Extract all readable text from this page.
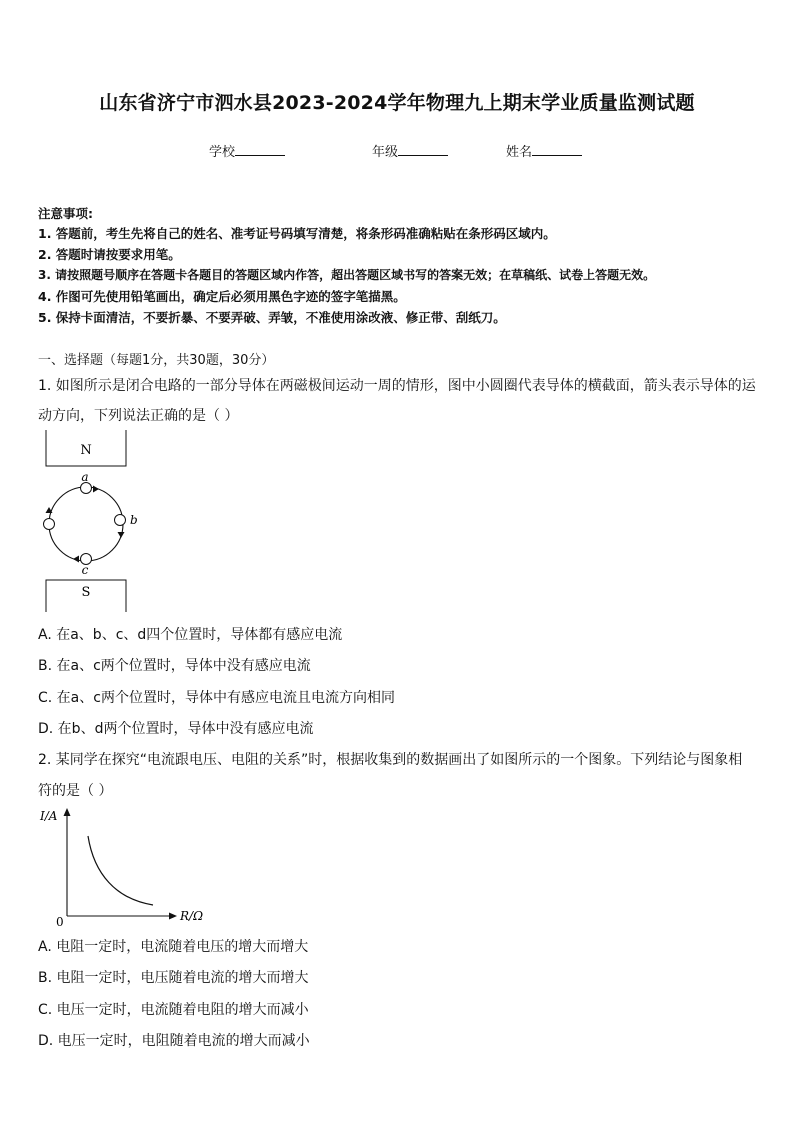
山东省济宁市泗水县2023-2024学年物理九上期末学业质量监测试题
学校	年级	姓名
注意事项:
1. 答题前，考生先将自己的姓名、准考证号码填写清楚，将条形码准确粘贴在条形码区域内。
2. 答题时请按要求用笔。
3. 请按照题号顺序在答题卡各题目的答题区域内作答，超出答题区域书写的答案无效；在草稿纸、试卷上答题无效。
4. 作图可先使用铅笔画出，确定后必须用黑色字迹的签字笔描黑。
5. 保持卡面清洁，不要折暴、不要弄破、弄皱，不准使用涂改液、修正带、刮纸刀。
一、选择题（每题1分，共30题，30分）
1. 如图所示是闭合电路的一部分导体在两磁极间运动一周的情形，图中小圆圈代表导体的横截面，箭头表示导体的运
动方向，下列说法正确的是（ ）
N
a
b
c
S
A. 在a、b、c、d四个位置时，导体都有感应电流
B. 在a、c两个位置时，导体中没有感应电流
C. 在a、c两个位置时，导体中有感应电流且电流方向相同
D. 在b、d两个位置时，导体中没有感应电流
2. 某同学在探究“电流跟电压、电阻的关系”时，根据收集到的数据画出了如图所示的一个图象。下列结论与图象相
符的是（ ）
I/A
0	R/Ω
A. 电阻一定时，电流随着电压的增大而增大
B. 电阻一定时，电压随着电流的增大而增大
C. 电压一定时，电流随着电阻的增大而减小
D. 电压一定时，电阻随着电流的增大而减小
